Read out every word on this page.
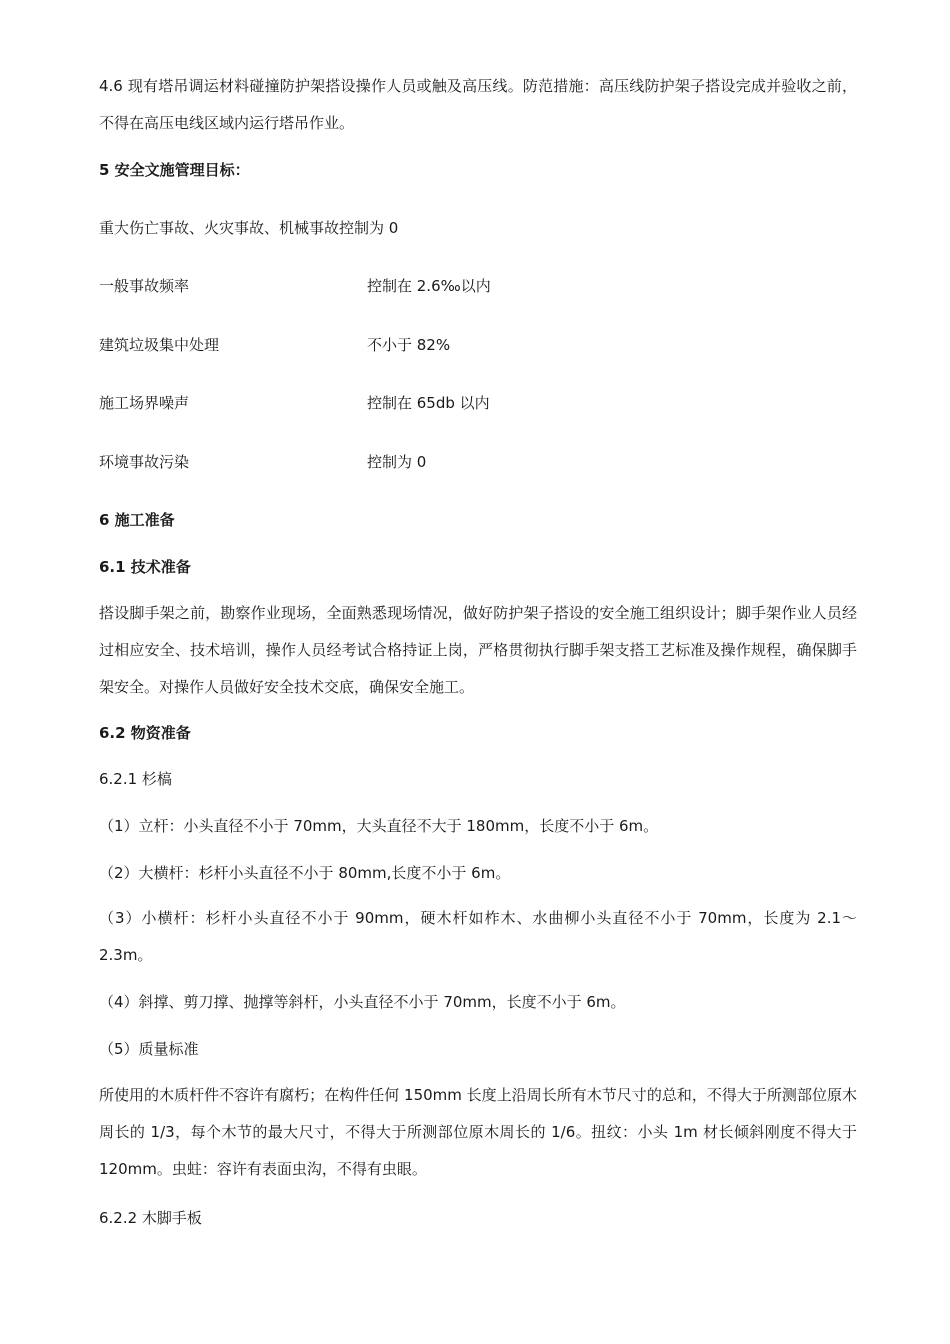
4.6 现有塔吊调运材料碰撞防护架搭设操作人员或触及高压线。防范措施：高压线防护架子搭设完成并验收之前，不得在高压电线区域内运行塔吊作业。

5 安全文施管理目标：

重大伤亡事故、火灾事故、机械事故控制为 0

一般事故频率	控制在 2.6‰以内
建筑垃圾集中处理	不小于 82%
施工场界噪声	控制在 65db 以内
环境事故污染	控制为 0

6 施工准备

6.1 技术准备

搭设脚手架之前，勘察作业现场，全面熟悉现场情况，做好防护架子搭设的安全施工组织设计；脚手架作业人员经过相应安全、技术培训，操作人员经考试合格持证上岗，严格贯彻执行脚手架支搭工艺标准及操作规程，确保脚手架安全。对操作人员做好安全技术交底，确保安全施工。

6.2 物资准备

6.2.1 杉槁

（1）立杆：小头直径不小于 70mm，大头直径不大于 180mm，长度不小于 6m。

（2）大横杆：杉杆小头直径不小于 80mm,长度不小于 6m。

（3）小横杆：杉杆小头直径不小于 90mm，硬木杆如柞木、水曲柳小头直径不小于 70mm，长度为 2.1～2.3m。

（4）斜撑、剪刀撑、抛撑等斜杆，小头直径不小于 70mm，长度不小于 6m。

（5）质量标准

所使用的木质杆件不容许有腐朽；在构件任何 150mm 长度上沿周长所有木节尺寸的总和，不得大于所测部位原木周长的 1/3，每个木节的最大尺寸，不得大于所测部位原木周长的 1/6。扭纹：小头 1m 材长倾斜刚度不得大于 120mm。虫蛀：容许有表面虫沟，不得有虫眼。

6.2.2 木脚手板
